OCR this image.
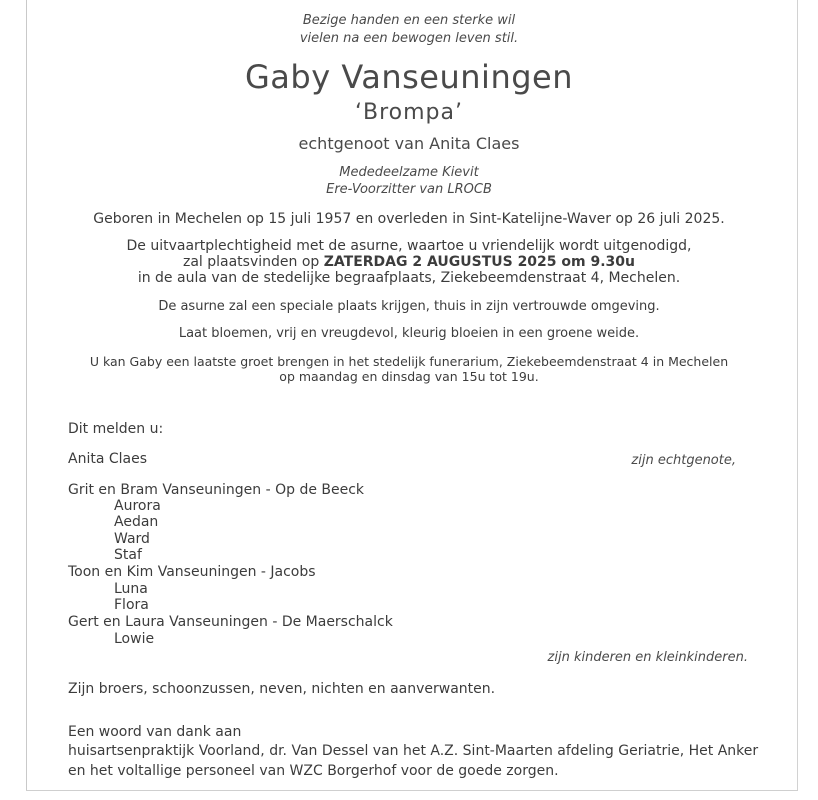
Bezige handen en een sterke wil
vielen na een bewogen leven stil.
Gaby Vanseuningen
‘Brompa’
echtgenoot van Anita Claes
Mededeelzame Kievit
Ere-Voorzitter van LROCB
Geboren in Mechelen op 15 juli 1957 en overleden in Sint-Katelijne-Waver op 26 juli 2025.
De uitvaartplechtigheid met de asurne, waartoe u vriendelijk wordt uitgenodigd,
zal plaatsvinden op ZATERDAG 2 AUGUSTUS 2025 om 9.30u
in de aula van de stedelijke begraafplaats, Ziekebeemdenstraat 4, Mechelen.
De asurne zal een speciale plaats krijgen, thuis in zijn vertrouwde omgeving.
Laat bloemen, vrij en vreugdevol, kleurig bloeien in een groene weide.
U kan Gaby een laatste groet brengen in het stedelijk funerarium, Ziekebeemdenstraat 4 in Mechelen
op maandag en dinsdag van 15u tot 19u.
Dit melden u:
Anita Claes	zijn echtgenote,
Grit en Bram Vanseuningen - Op de Beeck
Aurora
Aedan
Ward
Staf
Toon en Kim Vanseuningen - Jacobs
Luna
Flora
Gert en Laura Vanseuningen - De Maerschalck
Lowie
zijn kinderen en kleinkinderen.
Zijn broers, schoonzussen, neven, nichten en aanverwanten.
Een woord van dank aan
huisartsenpraktijk Voorland, dr. Van Dessel van het A.Z. Sint-Maarten afdeling Geriatrie, Het Anker
en het voltallige personeel van WZC Borgerhof voor de goede zorgen.
